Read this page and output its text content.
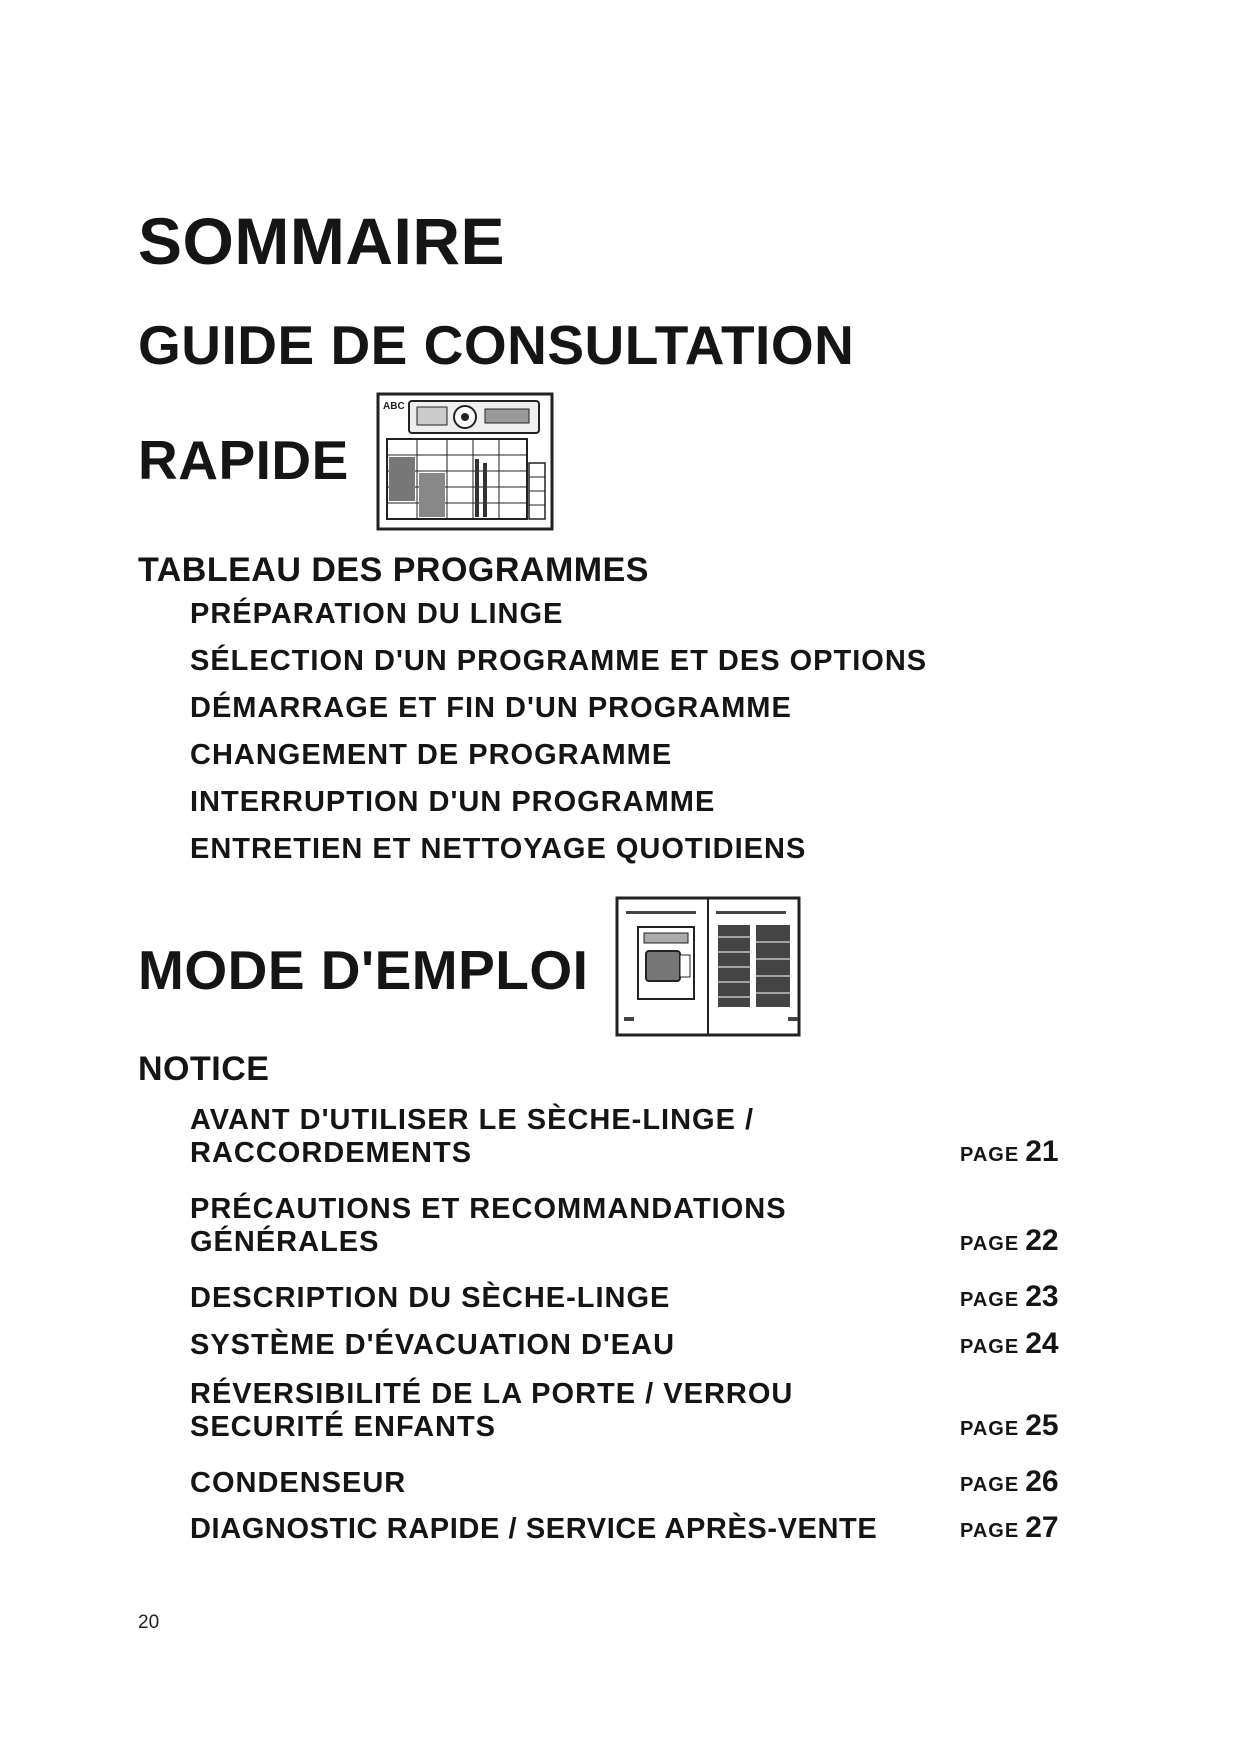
SOMMAIRE
GUIDE DE CONSULTATION
RAPIDE
ABC
TABLEAU DES PROGRAMMES
PRÉPARATION DU LINGE
SÉLECTION D'UN PROGRAMME ET DES OPTIONS
DÉMARRAGE ET FIN D'UN PROGRAMME
CHANGEMENT DE PROGRAMME
INTERRUPTION D'UN PROGRAMME
ENTRETIEN ET NETTOYAGE QUOTIDIENS
MODE D'EMPLOI
NOTICE
AVANT D'UTILISER LE SÈCHE-LINGE /
RACCORDEMENTS	PAGE 21
PRÉCAUTIONS ET RECOMMANDATIONS
GÉNÉRALES	PAGE 22
DESCRIPTION DU SÈCHE-LINGE	PAGE 23
SYSTÈME D'ÉVACUATION D'EAU	PAGE 24
RÉVERSIBILITÉ DE LA PORTE / VERROU
SECURITÉ ENFANTS	PAGE 25
CONDENSEUR	PAGE 26
DIAGNOSTIC RAPIDE / SERVICE APRÈS-VENTE	PAGE 27
20
